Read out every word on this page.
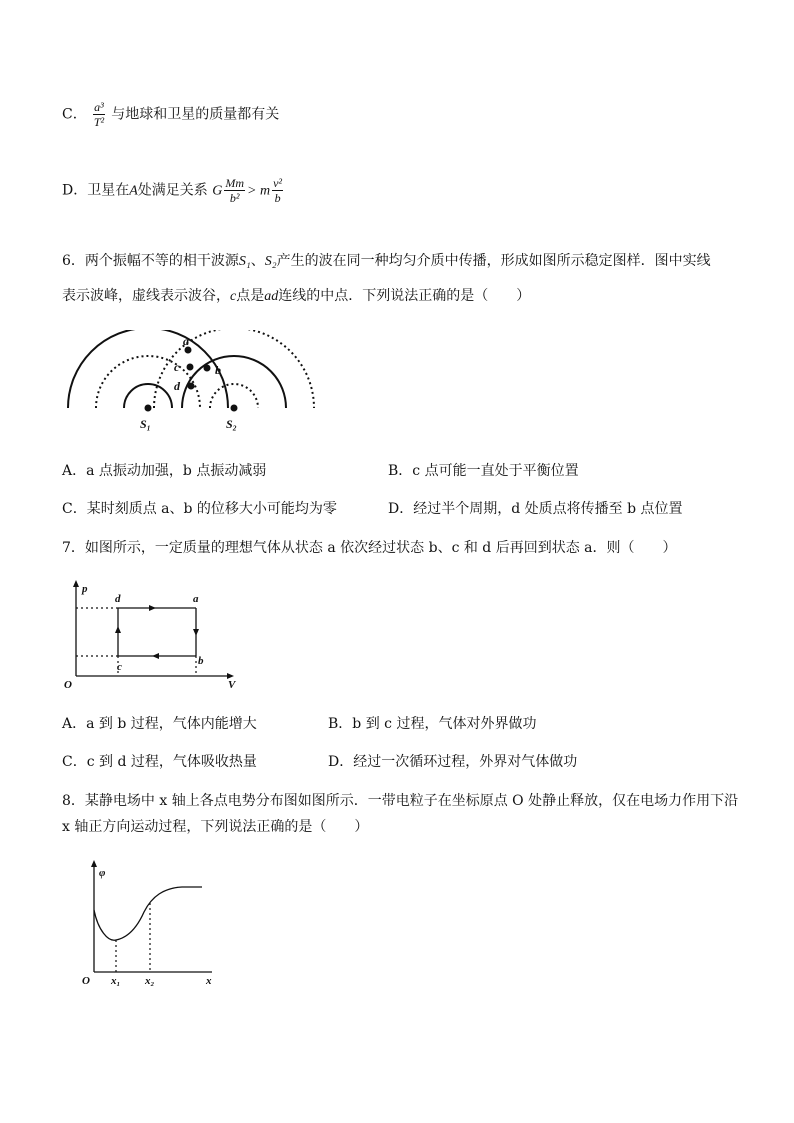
C． $\frac{\text{a³}}{\text{T²}}$ 与地球和卫星的质量都有关
D．卫星在A处满足关系 G $\frac{Mm}{\text{b²}} > m \frac{\text{v²}}{b}$
6．两个振幅不等的相干波源S₁、S₂产生的波在同一种均匀介质中传播，形成如图所示稳定图样．图中实线
表示波峰，虚线表示波谷，c点是ad连线的中点．下列说法正确的是（　　）
a
b
c
d
S₁	S₂
A．a 点振动加强，b 点振动减弱	B．c 点可能一直处于平衡位置
C．某时刻质点 a、b 的位移大小可能均为零	D．经过半个周期，d 处质点将传播至 b 点位置
7．如图所示，一定质量的理想气体从状态 a 依次经过状态 b、c 和 d 后再回到状态 a．则（　　）
p
V
O
a
b
c
d
A．a 到 b 过程，气体内能增大	B．b 到 c 过程，气体对外界做功
C．c 到 d 过程，气体吸收热量	D．经过一次循环过程，外界对气体做功
8．某静电场中 x 轴上各点电势分布图如图所示．一带电粒子在坐标原点 O 处静止释放，仅在电场力作用下沿
x 轴正方向运动过程，下列说法正确的是（　　）
φ
O x₁ x₂	x
